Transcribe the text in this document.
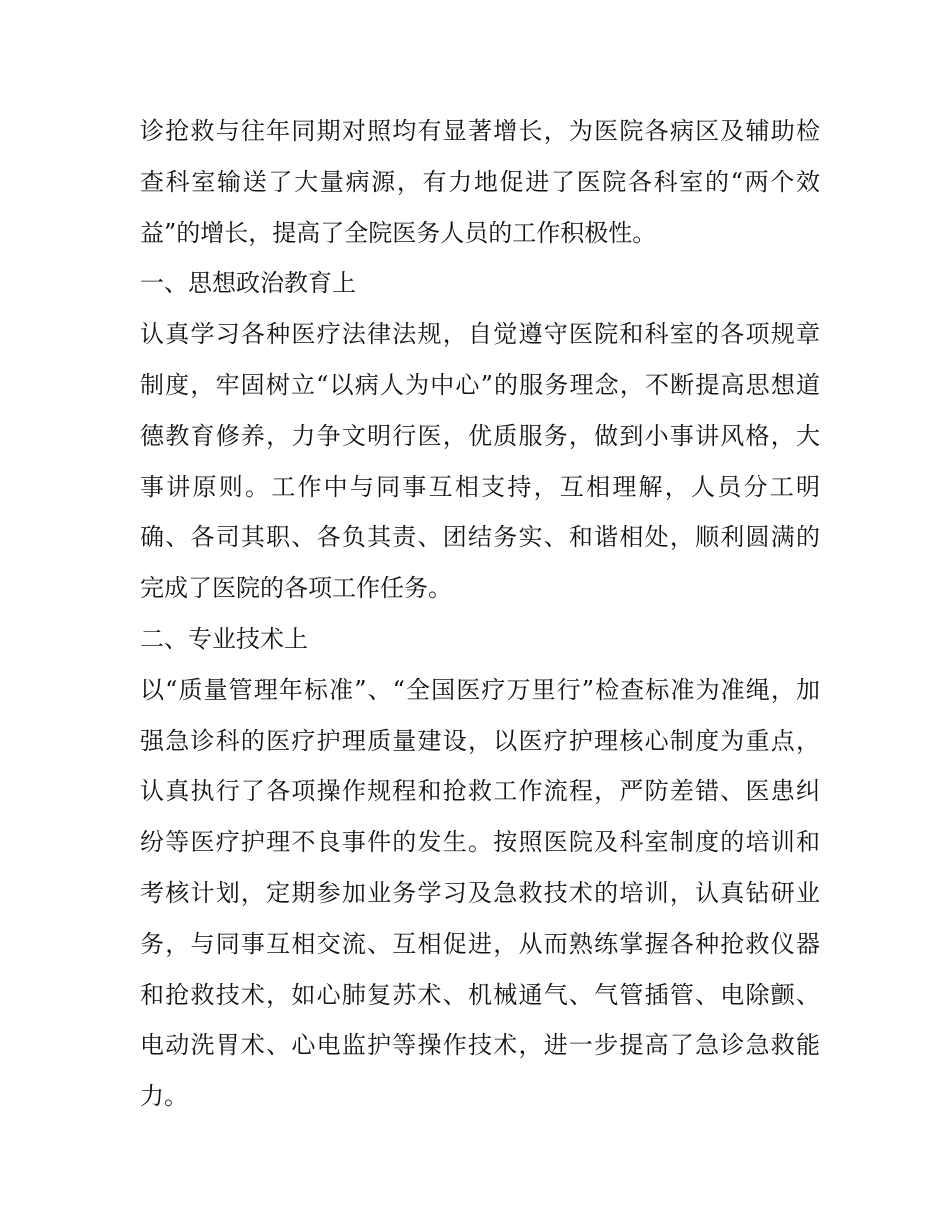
诊抢救与往年同期对照均有显著增长，为医院各病区及辅助检
查科室输送了大量病源，有力地促进了医院各科室的“两个效
益”的增长，提高了全院医务人员的工作积极性。
一、思想政治教育上
认真学习各种医疗法律法规，自觉遵守医院和科室的各项规章
制度，牢固树立“以病人为中心”的服务理念，不断提高思想道
德教育修养，力争文明行医，优质服务，做到小事讲风格，大
事讲原则。工作中与同事互相支持，互相理解，人员分工明
确、各司其职、各负其责、团结务实、和谐相处，顺利圆满的
完成了医院的各项工作任务。
二、专业技术上
以“质量管理年标准”、“全国医疗万里行”检查标准为准绳，加
强急诊科的医疗护理质量建设，以医疗护理核心制度为重点，
认真执行了各项操作规程和抢救工作流程，严防差错、医患纠
纷等医疗护理不良事件的发生。按照医院及科室制度的培训和
考核计划，定期参加业务学习及急救技术的培训，认真钻研业
务，与同事互相交流、互相促进，从而熟练掌握各种抢救仪器
和抢救技术，如心肺复苏术、机械通气、气管插管、电除颤、
电动洗胃术、心电监护等操作技术，进一步提高了急诊急救能
力。
